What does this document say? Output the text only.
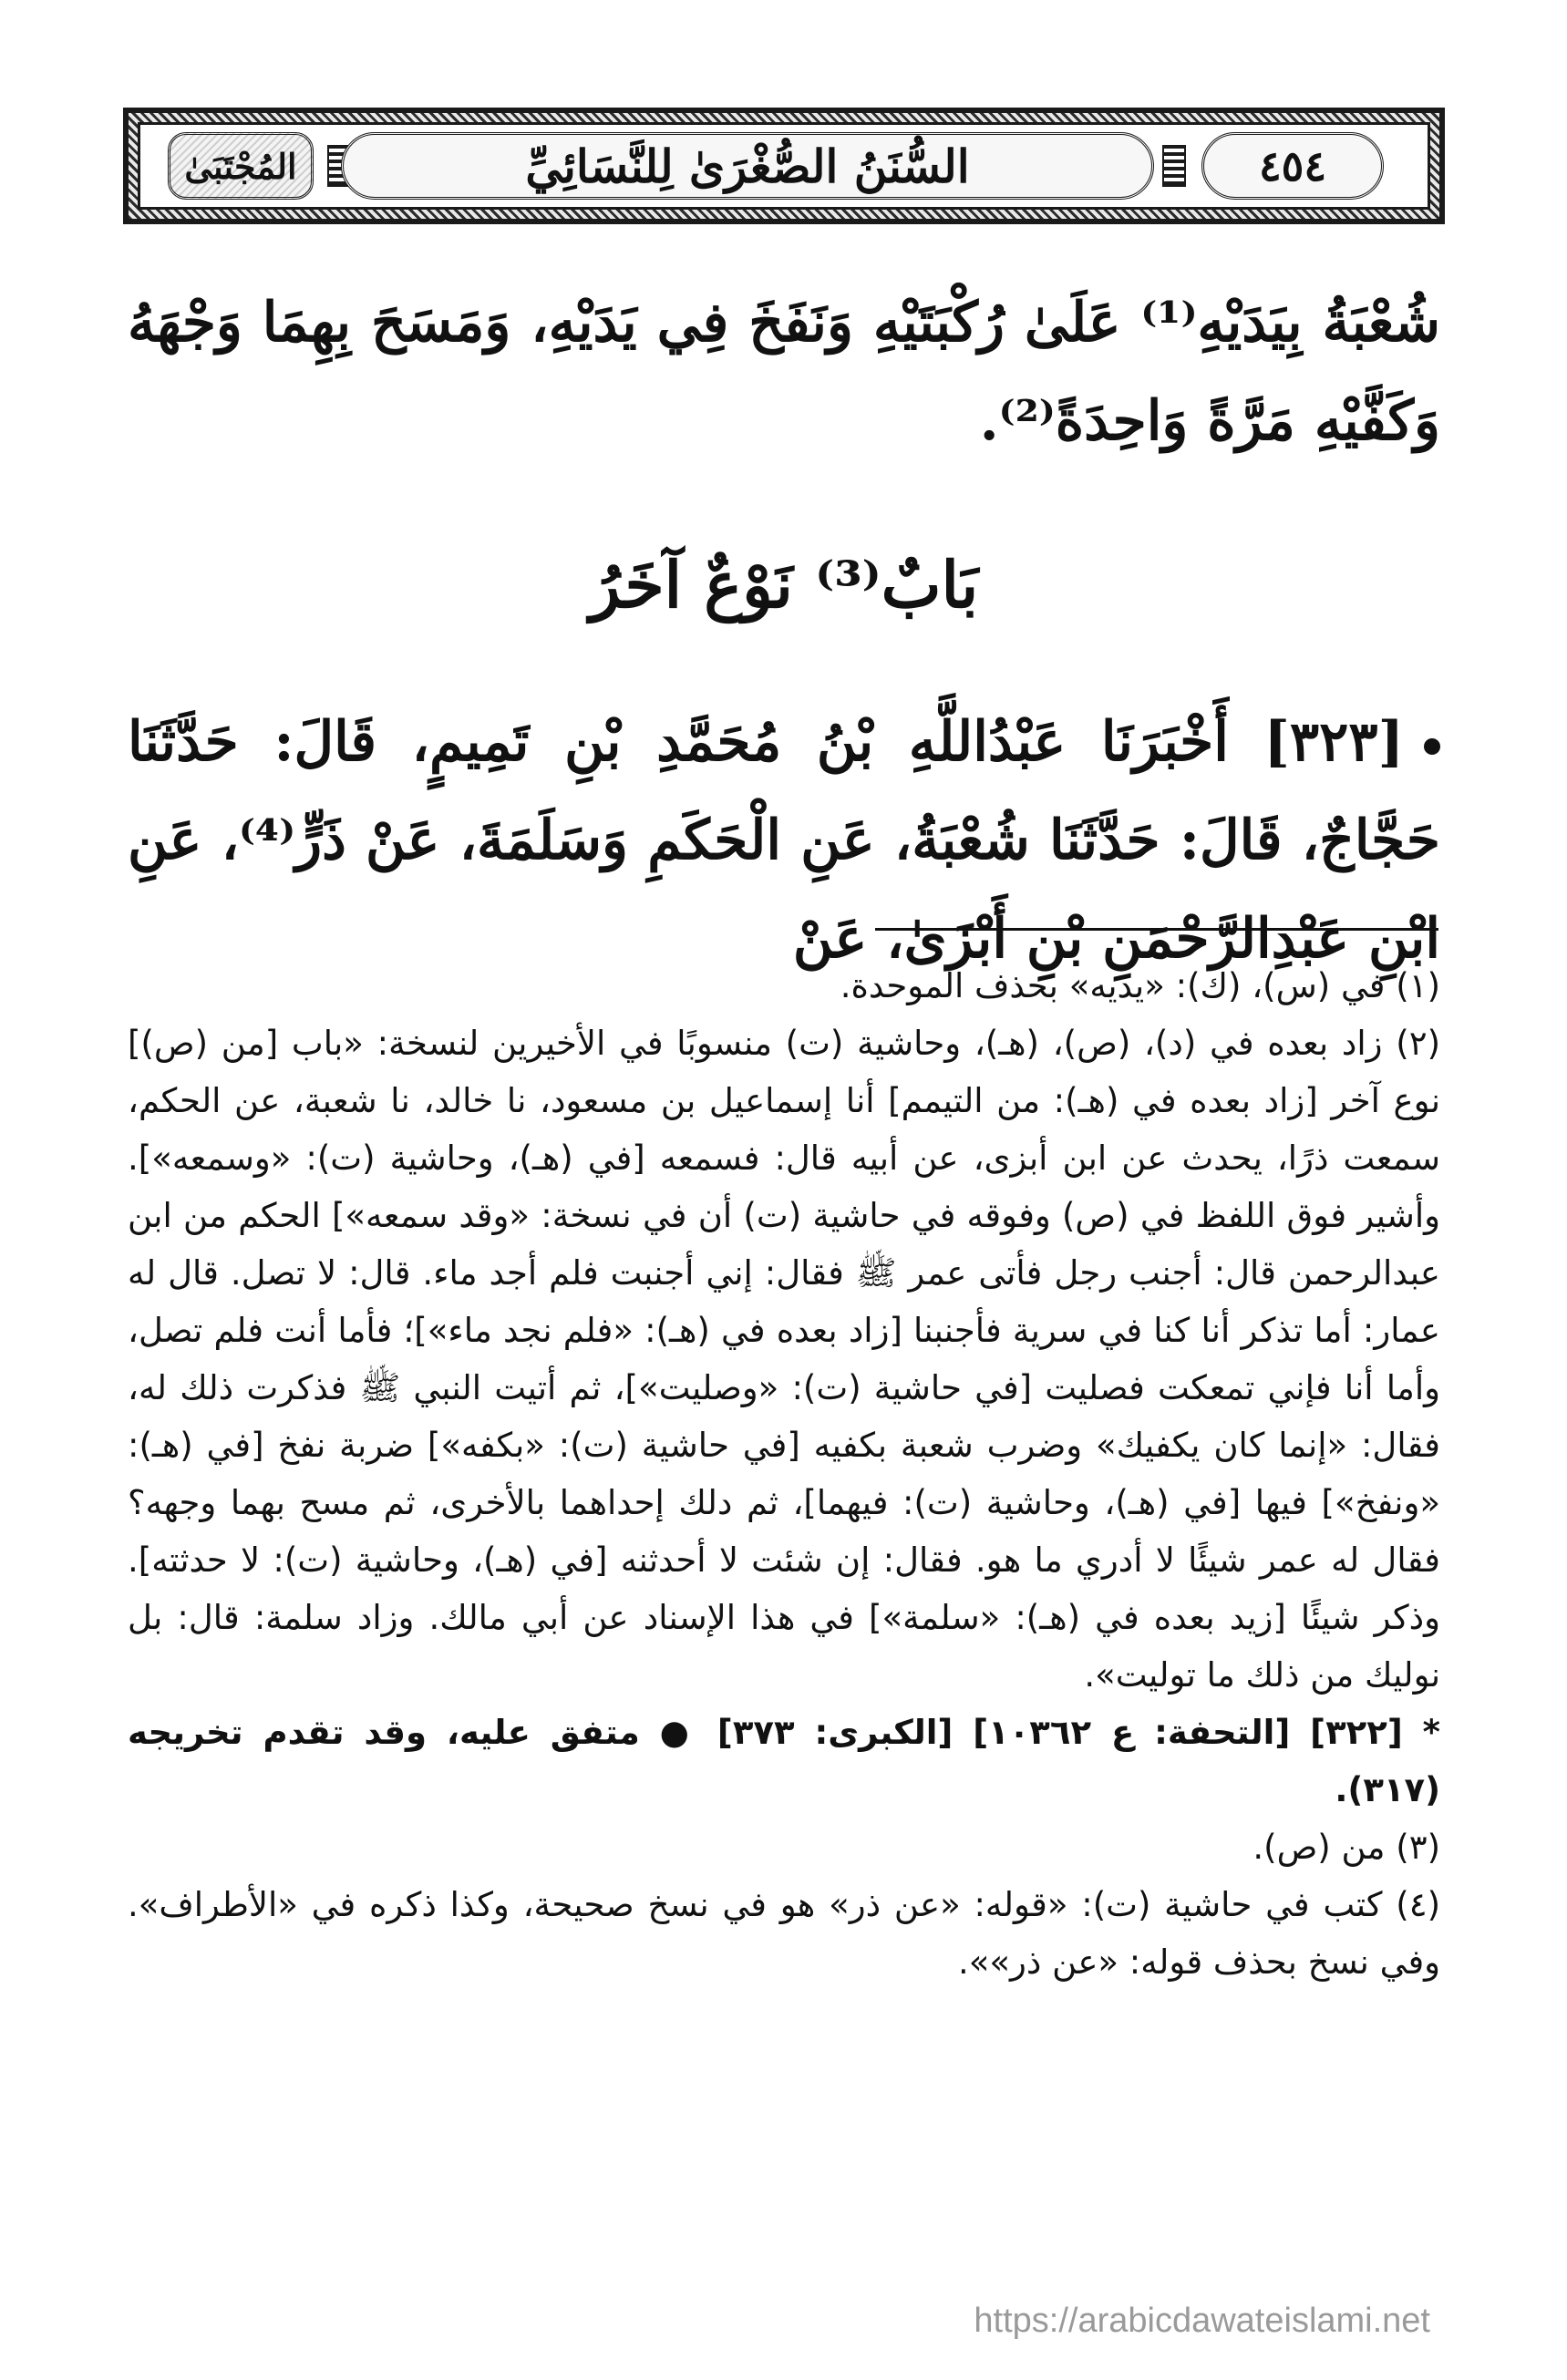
المُجْتَبَىٰ	السُّنَنُ الصُّغْرَىٰ لِلنَّسَائِيِّ	٤٥٤
شُعْبَةُ بِيَدَيْهِ⁽¹⁾ عَلَىٰ رُكْبَتَيْهِ وَنَفَخَ فِي يَدَيْهِ، وَمَسَحَ بِهِمَا وَجْهَهُ وَكَفَّيْهِ مَرَّةً وَاحِدَةً⁽²⁾.
بَابٌ⁽³⁾ نَوْعٌ آخَرُ
[٣٢٣] أَخْبَرَنَا عَبْدُاللَّهِ بْنُ مُحَمَّدِ بْنِ تَمِيمٍ، قَالَ: حَدَّثَنَا حَجَّاجٌ، قَالَ: حَدَّثَنَا شُعْبَةُ، عَنِ الْحَكَمِ وَسَلَمَةَ، عَنْ ذَرٍّ⁽⁴⁾، عَنِ ابْنِ عَبْدِالرَّحْمَنِ بْنِ أَبْزَىٰ، عَنْ

(١) في (س)، (ك): «يديه» بحذف الموحدة.

(٢) زاد بعده في (د)، (ص)، (هـ)، وحاشية (ت) منسوبًا في الأخيرين لنسخة: «باب [من (ص)] نوع آخر [زاد بعده في (هـ): من التيمم] أنا إسماعيل بن مسعود، نا خالد، نا شعبة، عن الحكم، سمعت ذرًا، يحدث عن ابن أبزى، عن أبيه قال: فسمعه [في (هـ)، وحاشية (ت): «وسمعه»]. وأشير فوق اللفظ في (ص) وفوقه في حاشية (ت) أن في نسخة: «وقد سمعه»] الحكم من ابن عبدالرحمن قال: أجنب رجل فأتى عمر ﷺ فقال: إني أجنبت فلم أجد ماء. قال: لا تصل. قال له عمار: أما تذكر أنا كنا في سرية فأجنبنا [زاد بعده في (هـ): «فلم نجد ماء»]؛ فأما أنت فلم تصل، وأما أنا فإني تمعكت فصليت [في حاشية (ت): «وصليت»]، ثم أتيت النبي ﷺ فذكرت ذلك له، فقال: «إنما كان يكفيك» وضرب شعبة بكفيه [في حاشية (ت): «بكفه»] ضربة نفخ [في (هـ): «ونفخ»] فيها [في (هـ)، وحاشية (ت): فيهما]، ثم دلك إحداهما بالأخرى، ثم مسح بهما وجهه؟ فقال له عمر شيئًا لا أدري ما هو. فقال: إن شئت لا أحدثنه [في (هـ)، وحاشية (ت): لا حدثته]. وذكر شيئًا [زيد بعده في (هـ): «سلمة»] في هذا الإسناد عن أبي مالك. وزاد سلمة: قال: بل نوليك من ذلك ما توليت».

* [٣٢٢] [التحفة: ع ١٠٣٦٢] [الكبرى: ٣٧٣] ● متفق عليه، وقد تقدم تخريجه (٣١٧).

(٣) من (ص).

(٤) كتب في حاشية (ت): «قوله: «عن ذر» هو في نسخ صحيحة، وكذا ذكره في «الأطراف». وفي نسخ بحذف قوله: «عن ذر»».

https://arabicdawateislami.net
